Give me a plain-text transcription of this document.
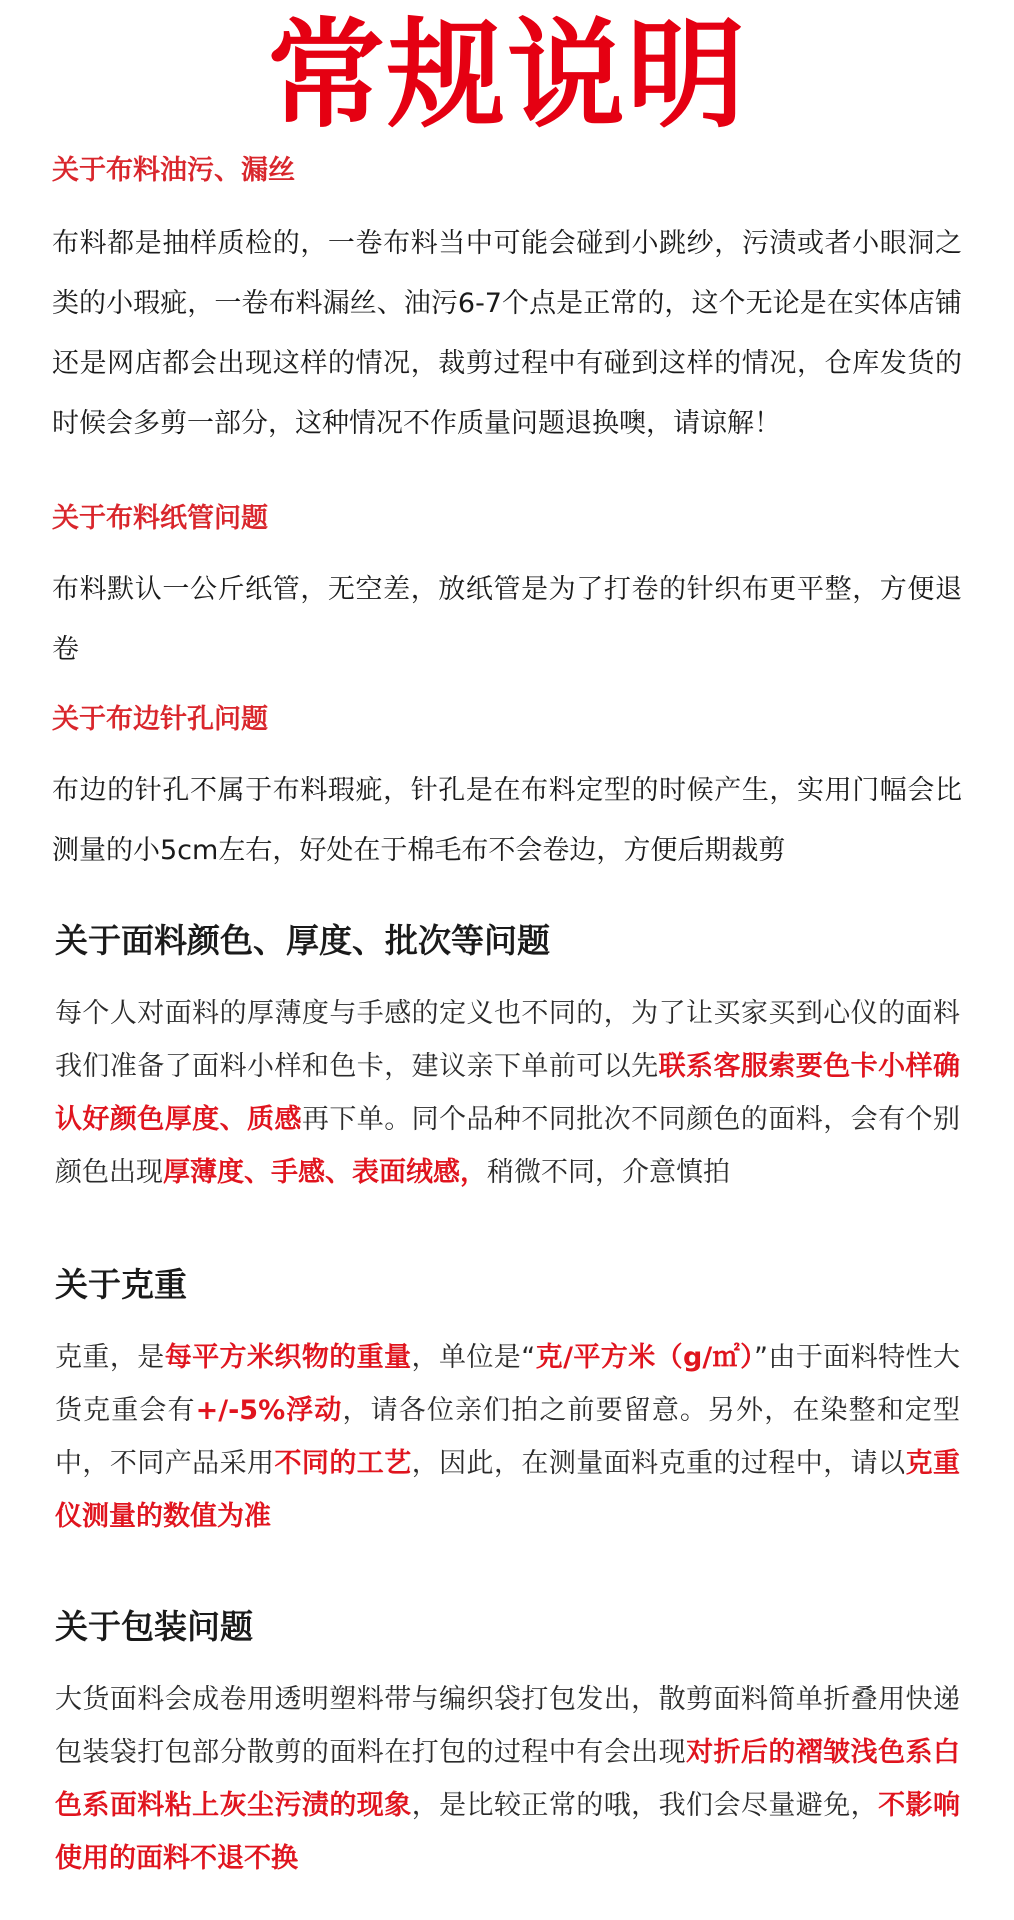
常规说明
关于布料油污、漏丝

布料都是抽样质检的，一卷布料当中可能会碰到小跳纱，污渍或者小眼洞之类的小瑕疵，一卷布料漏丝、油污6-7个点是正常的，这个无论是在实体店铺还是网店都会出现这样的情况，裁剪过程中有碰到这样的情况，仓库发货的时候会多剪一部分，这种情况不作质量问题退换噢，请谅解！

关于布料纸管问题

布料默认一公斤纸管，无空差，放纸管是为了打卷的针织布更平整，方便退卷

关于布边针孔问题

布边的针孔不属于布料瑕疵，针孔是在布料定型的时候产生，实用门幅会比测量的小5cm左右，好处在于棉毛布不会卷边，方便后期裁剪

关于面料颜色、厚度、批次等问题

每个人对面料的厚薄度与手感的定义也不同的，为了让买家买到心仪的面料我们准备了面料小样和色卡，建议亲下单前可以先联系客服索要色卡小样确认好颜色厚度、质感再下单。同个品种不同批次不同颜色的面料，会有个别颜色出现厚薄度、手感、表面绒感，稍微不同，介意慎拍

关于克重

克重，是每平方米织物的重量，单位是“克/平方米（g/㎡）”由于面料特性大货克重会有+/-5%浮动，请各位亲们拍之前要留意。另外，在染整和定型中，不同产品采用不同的工艺，因此，在测量面料克重的过程中，请以克重仪测量的数值为准

关于包装问题

大货面料会成卷用透明塑料带与编织袋打包发出，散剪面料简单折叠用快递包装袋打包部分散剪的面料在打包的过程中有会出现对折后的褶皱浅色系白色系面料粘上灰尘污渍的现象，是比较正常的哦，我们会尽量避免，不影响使用的面料不退不换
